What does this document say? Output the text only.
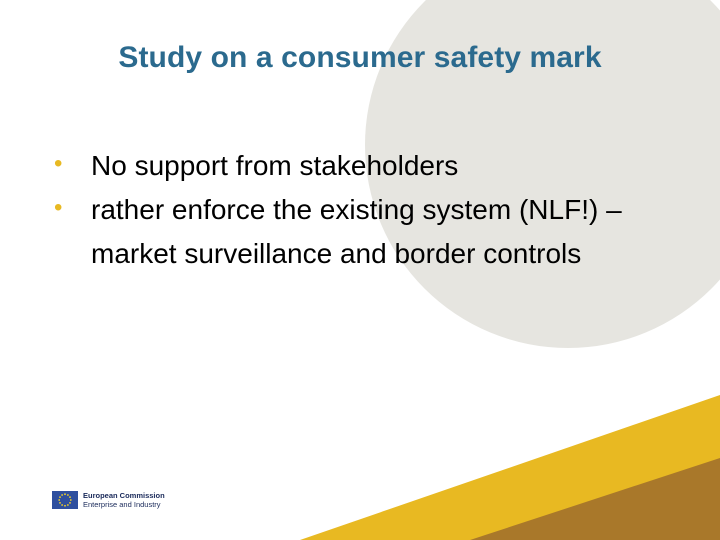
Study on a consumer safety mark
• No support from stakeholders
• rather enforce the existing system (NLF!) – market surveillance and border controls
European Commission
Enterprise and Industry
